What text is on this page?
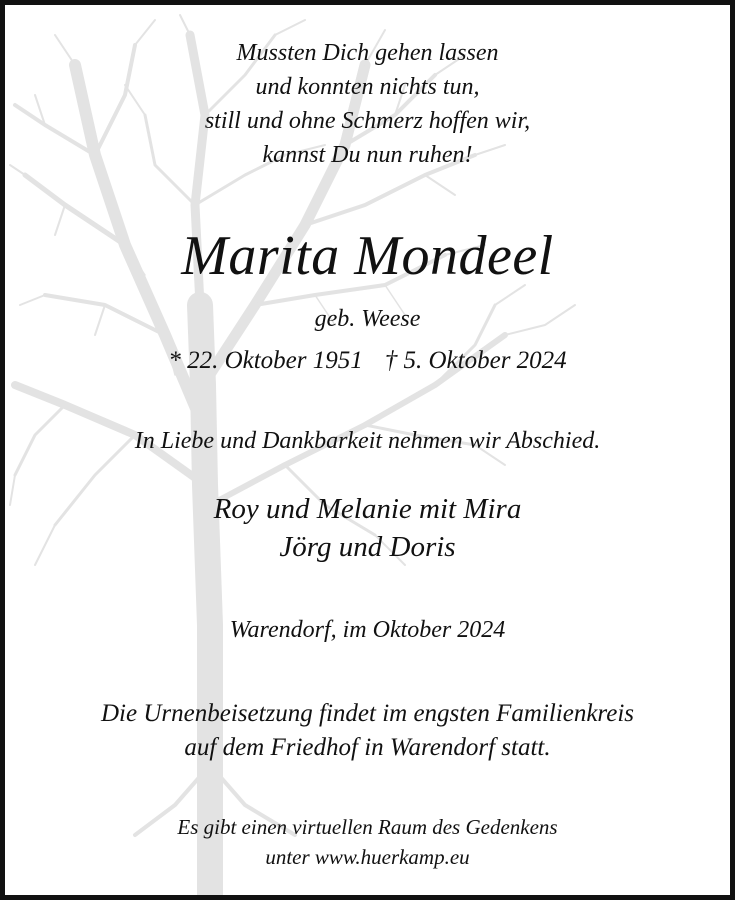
Mussten Dich gehen lassen
und konnten nichts tun,
still und ohne Schmerz hoffen wir,
kannst Du nun ruhen!
Marita Mondeel
geb. Weese
* 22. Oktober 1951 † 5. Oktober 2024
In Liebe und Dankbarkeit nehmen wir Abschied.
Roy und Melanie mit Mira
Jörg und Doris
Warendorf, im Oktober 2024
Die Urnenbeisetzung findet im engsten Familienkreis
auf dem Friedhof in Warendorf statt.
Es gibt einen virtuellen Raum des Gedenkens
unter www.huerkamp.eu
